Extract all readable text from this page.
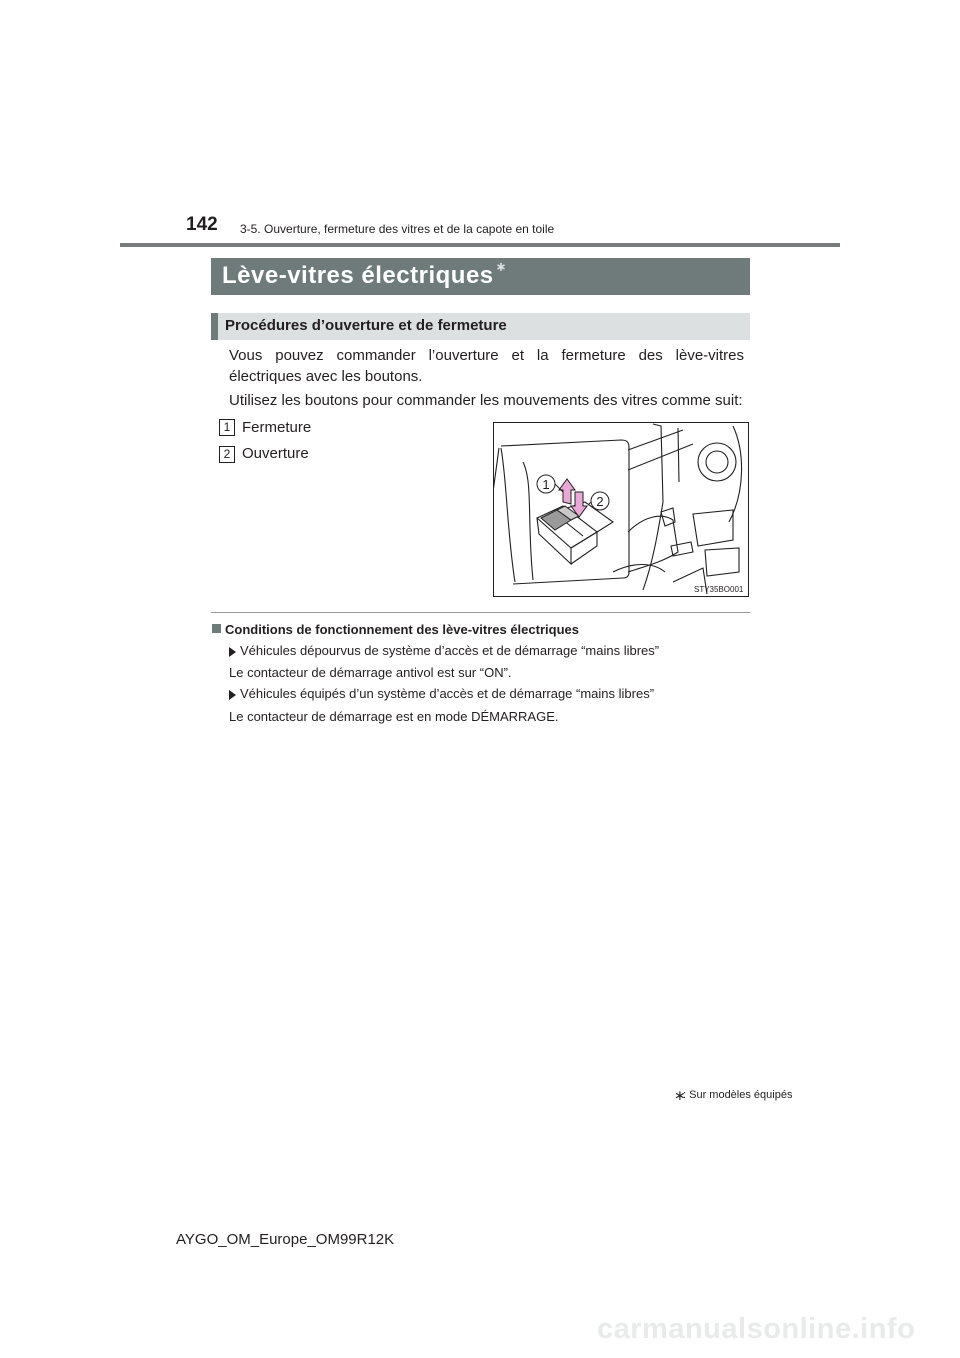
142 3-5. Ouverture, fermeture des vitres et de la capote en toile
Lève-vitres électriques ∗
Procédures d’ouverture et de fermeture
Vous pouvez commander l’ouverture et la fermeture des lève-vitres électriques avec les boutons.
Utilisez les boutons pour commander les mouvements des vitres comme suit:
1 Fermeture
2 Ouverture
1
2
STY35BO001
Conditions de fonctionnement des lève-vitres électriques
Véhicules dépourvus de système d’accès et de démarrage “mains libres”
Le contacteur de démarrage antivol est sur “ON”.
Véhicules équipés d’un système d’accès et de démarrage “mains libres”
Le contacteur de démarrage est en mode DÉMARRAGE.
∗
: Sur modèles équipés
AYGO_OM_Europe_OM99R12K
carmanualsonline.info
